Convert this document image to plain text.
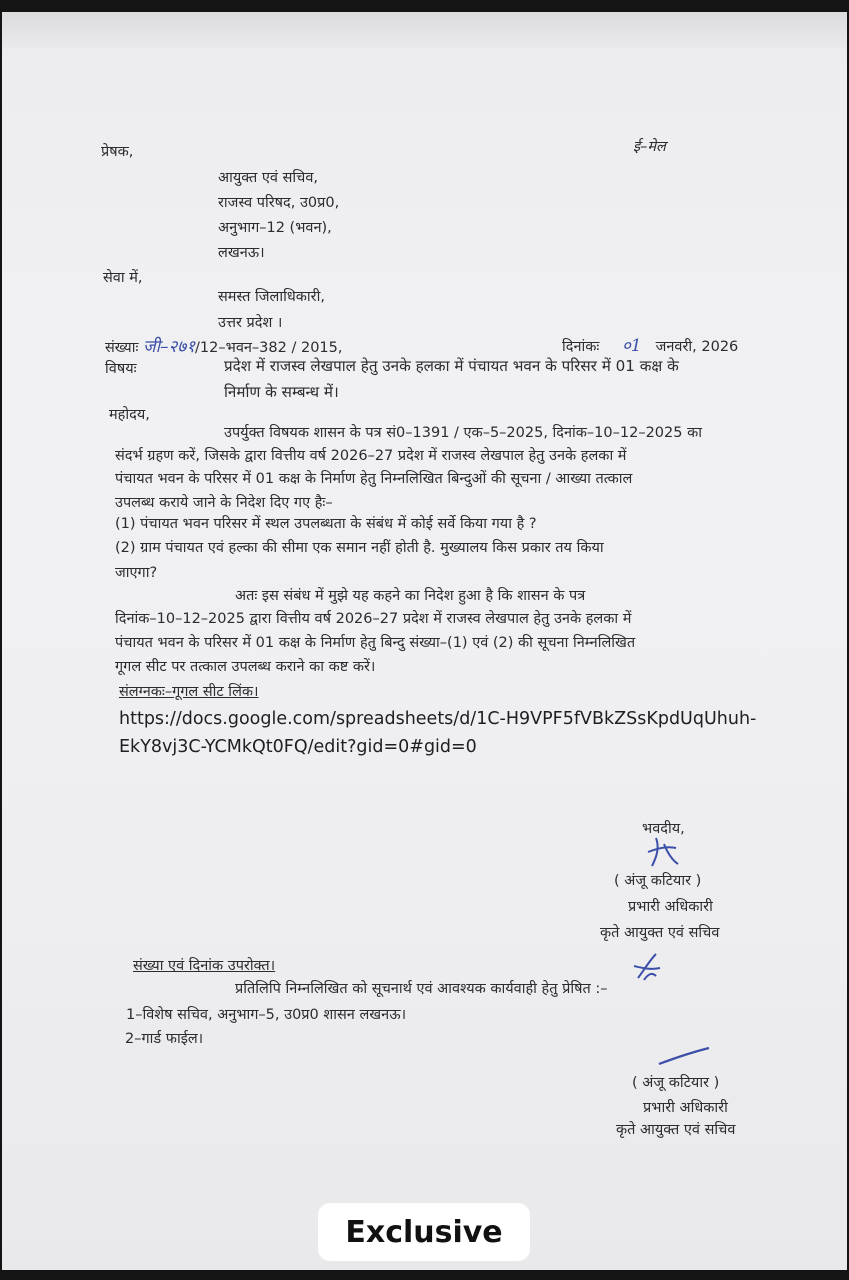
ई–मेल
प्रेषक,
आयुक्त एवं सचिव,
राजस्व परिषद, उ0प्र0,
अनुभाग–12 (भवन),
लखनऊ।
सेवा में,
समस्त जिलाधिकारी,
उत्तर प्रदेश ।
संख्याः जी–२७१/12–भवन–382 / 2015,	दिनांकः ०1 जनवरी, 2026
विषयः	प्रदेश में राजस्व लेखपाल हेतु उनके हलका में पंचायत भवन के परिसर में 01 कक्ष के
निर्माण के सम्बन्ध में।
महोदय,
उपर्युक्त विषयक शासन के पत्र सं0–1391 / एक–5–2025, दिनांक–10–12–2025 का
संदर्भ ग्रहण करें, जिसके द्वारा वित्तीय वर्ष 2026–27 प्रदेश में राजस्व लेखपाल हेतु उनके हलका में
पंचायत भवन के परिसर में 01 कक्ष के निर्माण हेतु निम्नलिखित बिन्दुओं की सूचना / आख्या तत्काल
उपलब्ध कराये जाने के निदेश दिए गए हैः–
(1) पंचायत भवन परिसर में स्थल उपलब्धता के संबंध में कोई सर्वे किया गया है ?
(2) ग्राम पंचायत एवं हल्का की सीमा एक समान नहीं होती है. मुख्यालय किस प्रकार तय किया
जाएगा?
अतः इस संबंध में मुझे यह कहने का निदेश हुआ है कि शासन के पत्र
दिनांक–10–12–2025 द्वारा वित्तीय वर्ष 2026–27 प्रदेश में राजस्व लेखपाल हेतु उनके हलका में
पंचायत भवन के परिसर में 01 कक्ष के निर्माण हेतु बिन्दु संख्या–(1) एवं (2) की सूचना निम्नलिखित
गूगल सीट पर तत्काल उपलब्ध कराने का कष्ट करें।
संलग्नकः–गूगल सीट लिंक।
https://docs.google.com/spreadsheets/d/1C-H9VPF5fVBkZSsKpdUqUhuh-
EkY8vj3C-YCMkQt0FQ/edit?gid=0#gid=0
भवदीय,
( अंजू कटियार )
प्रभारी अधिकारी
कृते आयुक्त एवं सचिव
संख्या एवं दिनांक उपरोक्त।
प्रतिलिपि निम्नलिखित को सूचनार्थ एवं आवश्यक कार्यवाही हेतु प्रेषित :–
1–विशेष सचिव, अनुभाग–5, उ0प्र0 शासन लखनऊ।
2–गार्ड फाईल।
( अंजू कटियार )
प्रभारी अधिकारी
कृते आयुक्त एवं सचिव
Exclusive
